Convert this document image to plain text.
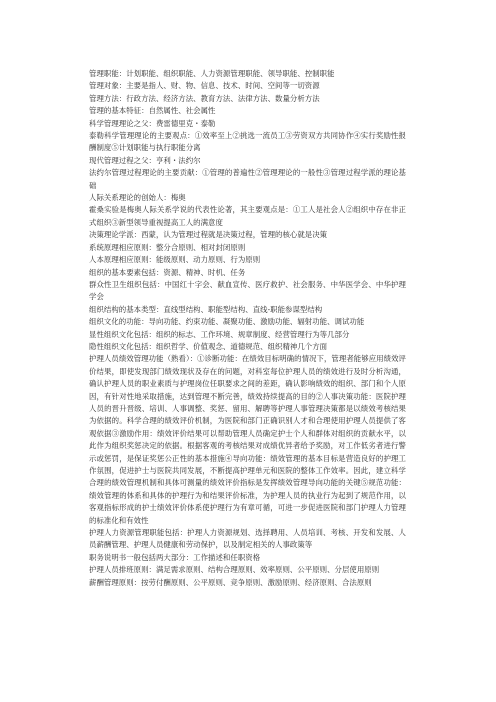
管理职能：计划职能、组织职能、人力资源管理职能、领导职能、控制职能

管理对象：主要是指人、财、物、信息、技术、时间、空间等一切资源

管理方法：行政方法、经济方法、教育方法、法律方法、数量分析方法

管理的基本特征：自然属性、社会属性

科学管理理论之父：费雷德里克・泰勒

泰勒科学管理理论的主要观点：①效率至上②挑选一流员工③劳资双方共同协作④实行奖励性报酬制度⑤计划职能与执行职能分离

现代管理过程之父：亨利・法约尔

法约尔管理过程理论的主要贡献：①管理的普遍性②管理理论的一般性③管理过程学派的理论基础

人际关系理论的创始人：梅奥

霍桑实验是梅奥人际关系学说的代表性论著，其主要观点是：①工人是社会人②组织中存在非正式组织③新型领导重视提高工人的满意度

决策理论学派：西蒙，认为管理过程就是决策过程，管理的核心就是决策

系统原理相应原则：整分合原则、相对封闭原则

人本原理相应原则：能级原则、动力原则、行为原则

组织的基本要素包括：资源、精神、时机、任务

群众性卫生组织包括：中国红十字会、献血宣传、医疗救护、社会服务、中华医学会、中华护理学会

组织结构的基本类型：直线型结构、职能型结构、直线-职能参谋型结构

组织文化的功能：导向功能、约束功能、凝聚功能、激励功能、辐射功能、调试功能

显性组织文化包括：组织的标志、工作环境、规章制度、经营管理行为等几部分

隐性组织文化包括：组织哲学、价值观念、道德规范、组织精神几个方面

护理人员绩效管理功能（熟看）：①诊断功能：在绩效目标明确的情况下，管理者能够应用绩效评价结果，即使发现部门绩效现状及存在的问题，对科室每位护理人员的绩效进行及时分析沟通，确认护理人员的职业素质与护理岗位任职要求之间的差距，确认影响绩效的组织、部门和个人原因，有针对性地采取措施，达到管理不断完善，绩效持续提高的目的②人事决策功能：医院护理人员的晋升晋级、培训、人事调整、奖惩、留用、解聘等护理人事管理决策都是以绩效考核结果为依据的。科学合理的绩效评价机制，为医院和部门正确识别人才和合理使用护理人员提供了客观依据③激励作用：绩效评价结果可以帮助管理人员确定护士个人和群体对组织的贡献水平，以此作为组织奖惩决定的依据。根据客观的考核结果对成绩优异者给予奖励，对工作低劣者进行警示或惩罚，是保证奖惩公正性的基本措施④导向功能：绩效管理的基本目标是营造良好的护理工作氛围，促进护士与医院共同发展，不断提高护理单元和医院的整体工作效率。因此，建立科学合理的绩效管理机制和具体可测量的绩效评价指标是发挥绩效管理导向功能的关键⑤规范功能：绩效管理的体系和具体的护理行为和结果评价标准，为护理人员的执业行为起到了规范作用，以客观指标形成的护士绩效评价体系使护理行为有章可循，可进一步促进医院和部门护理人力管理的标准化和有效性

护理人力资源管理职能包括：护理人力资源规划、选择聘用、人员培训、考核、开发和发展、人员薪酬管理、护理人员健康和劳动保护，以及制定相关的人事政策等

职务说明书一般包括两大部分：工作描述和任职资格

护理人员排班原则：满足需求原则、结构合理原则、效率原则、公平原则、分层使用原则

薪酬管理原则：按劳付酬原则、公平原则、竞争原则、激励原则、经济原则、合法原则
